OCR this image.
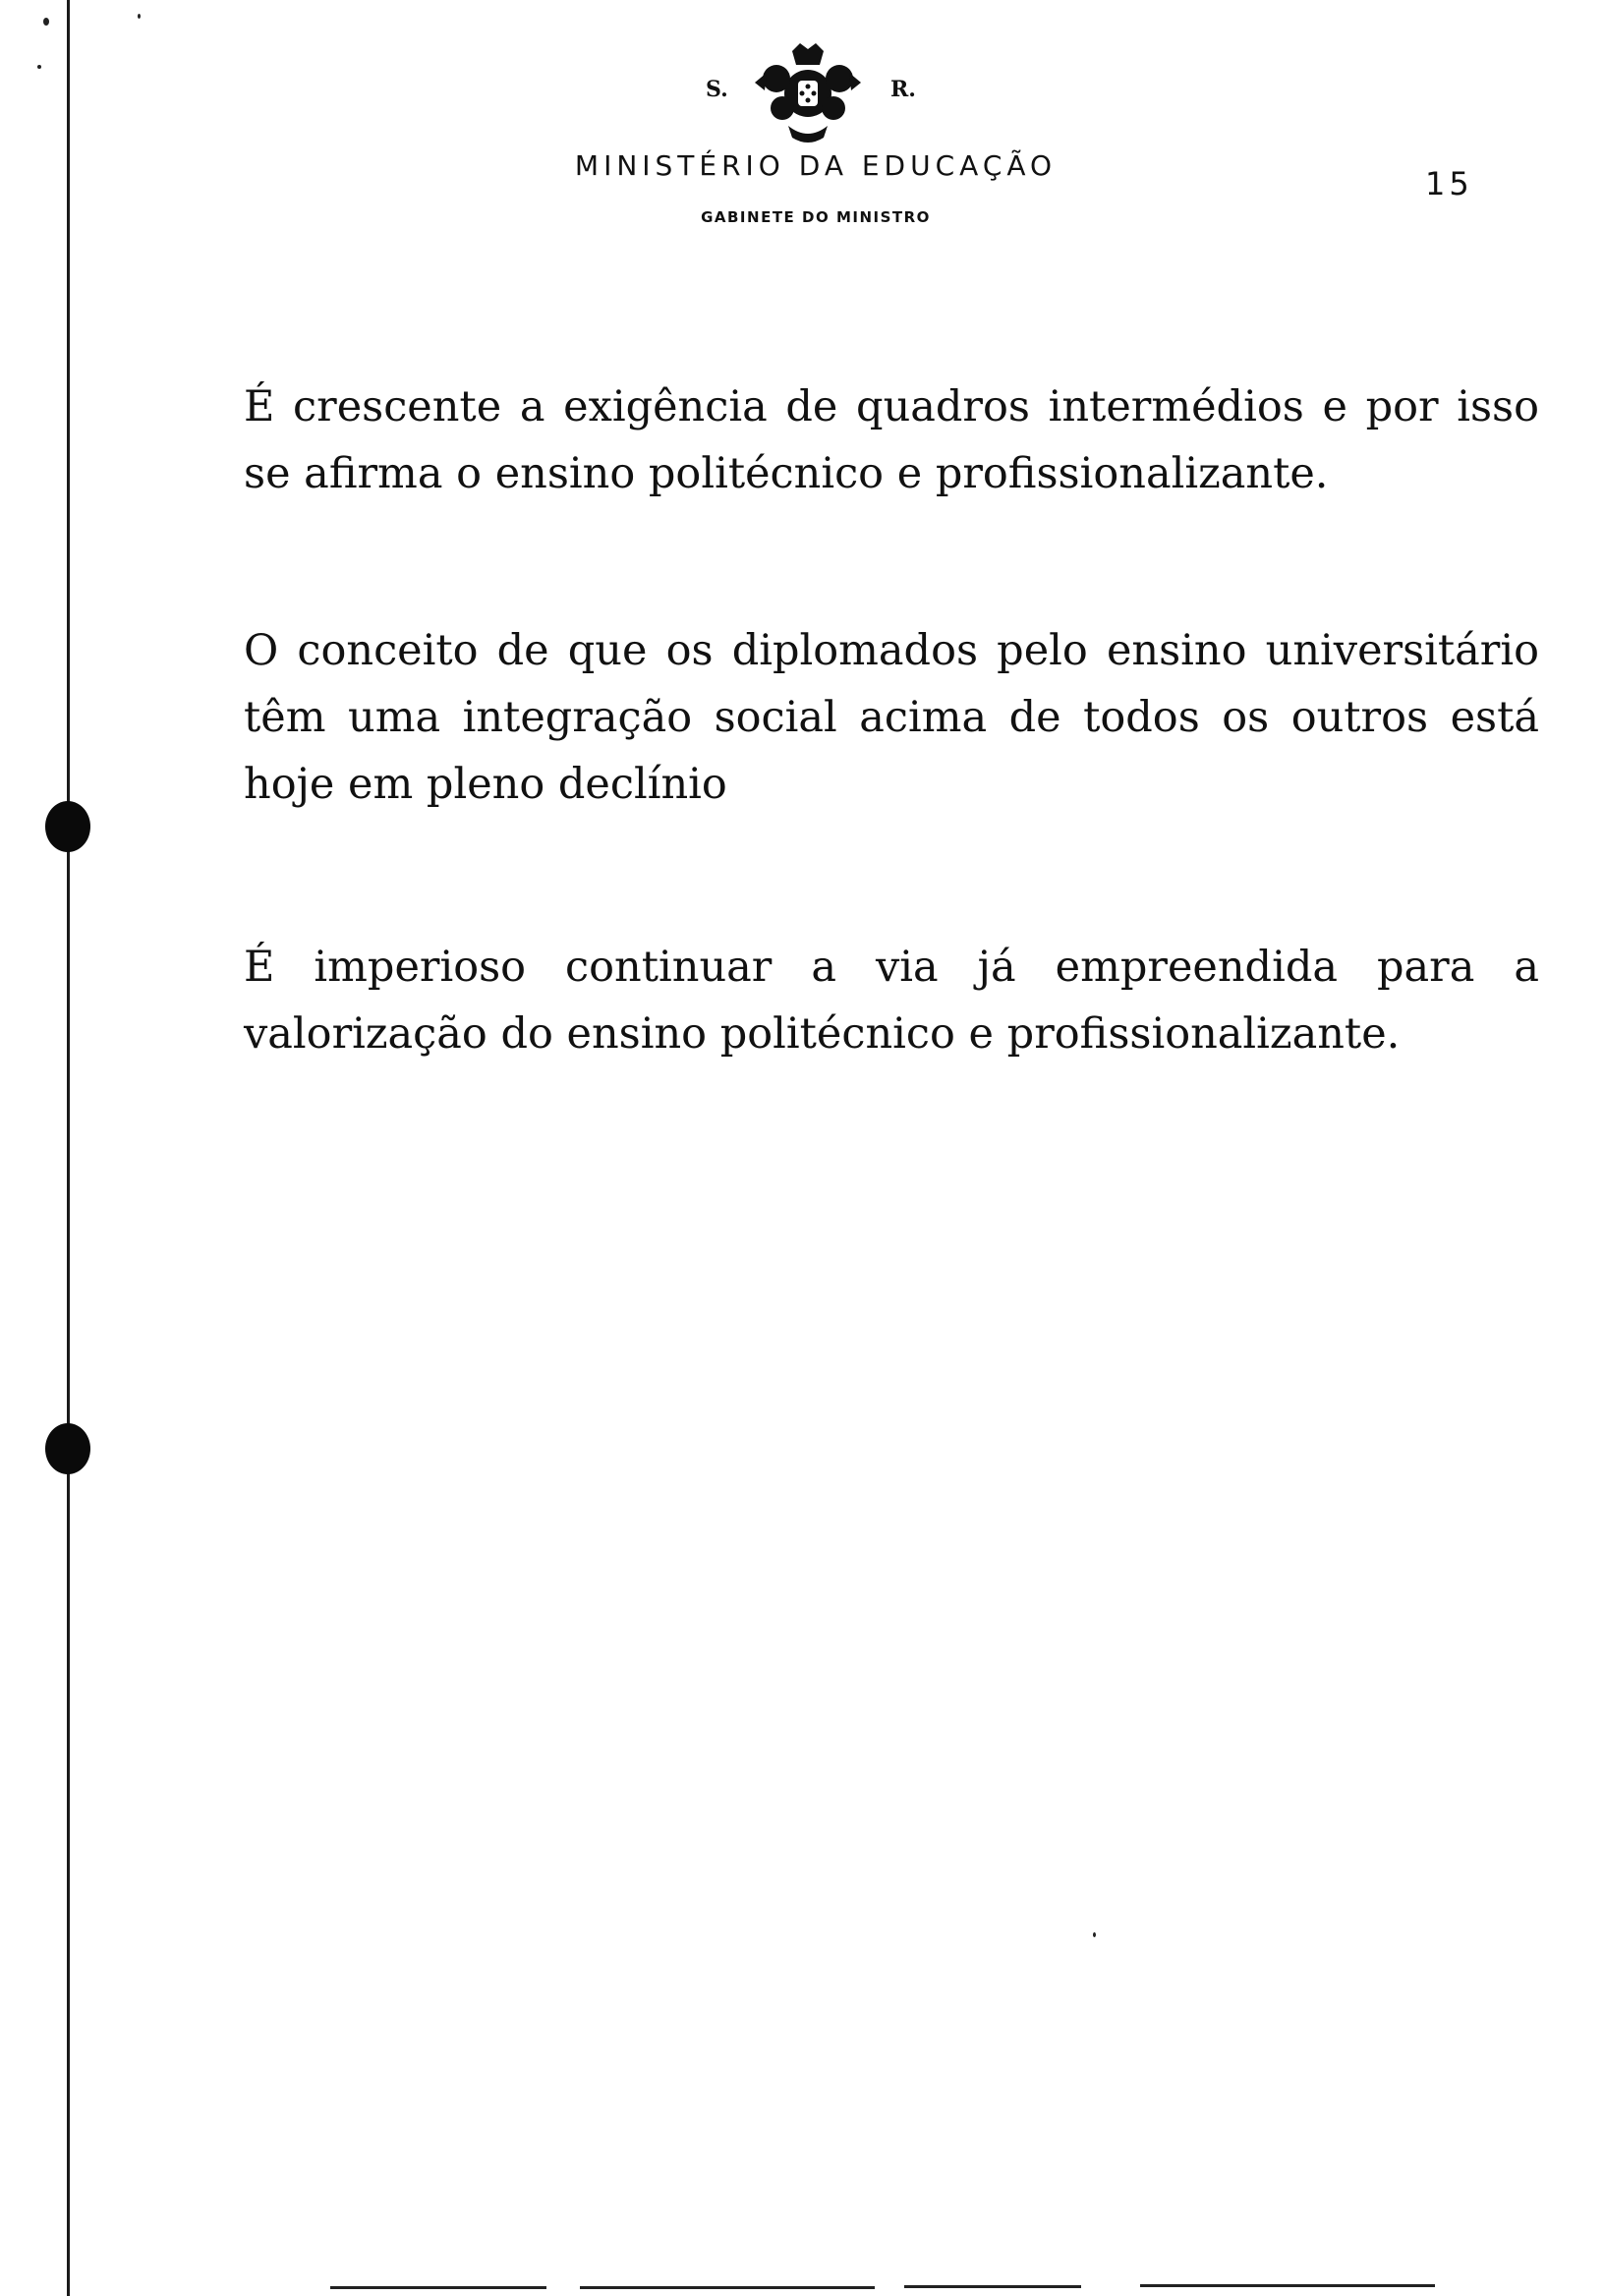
S.	R.
MINISTÉRIO DA EDUCAÇÃO
GABINETE DO MINISTRO
15

É crescente a exigência de quadros intermédios e por isso se afirma o ensino politécnico e profissionalizante.

O conceito de que os diplomados pelo ensino universitário têm uma integração social acima de todos os outros está hoje em pleno declínio

É imperioso continuar a via já empreendida para a valorização do ensino politécnico e profissionalizante.
